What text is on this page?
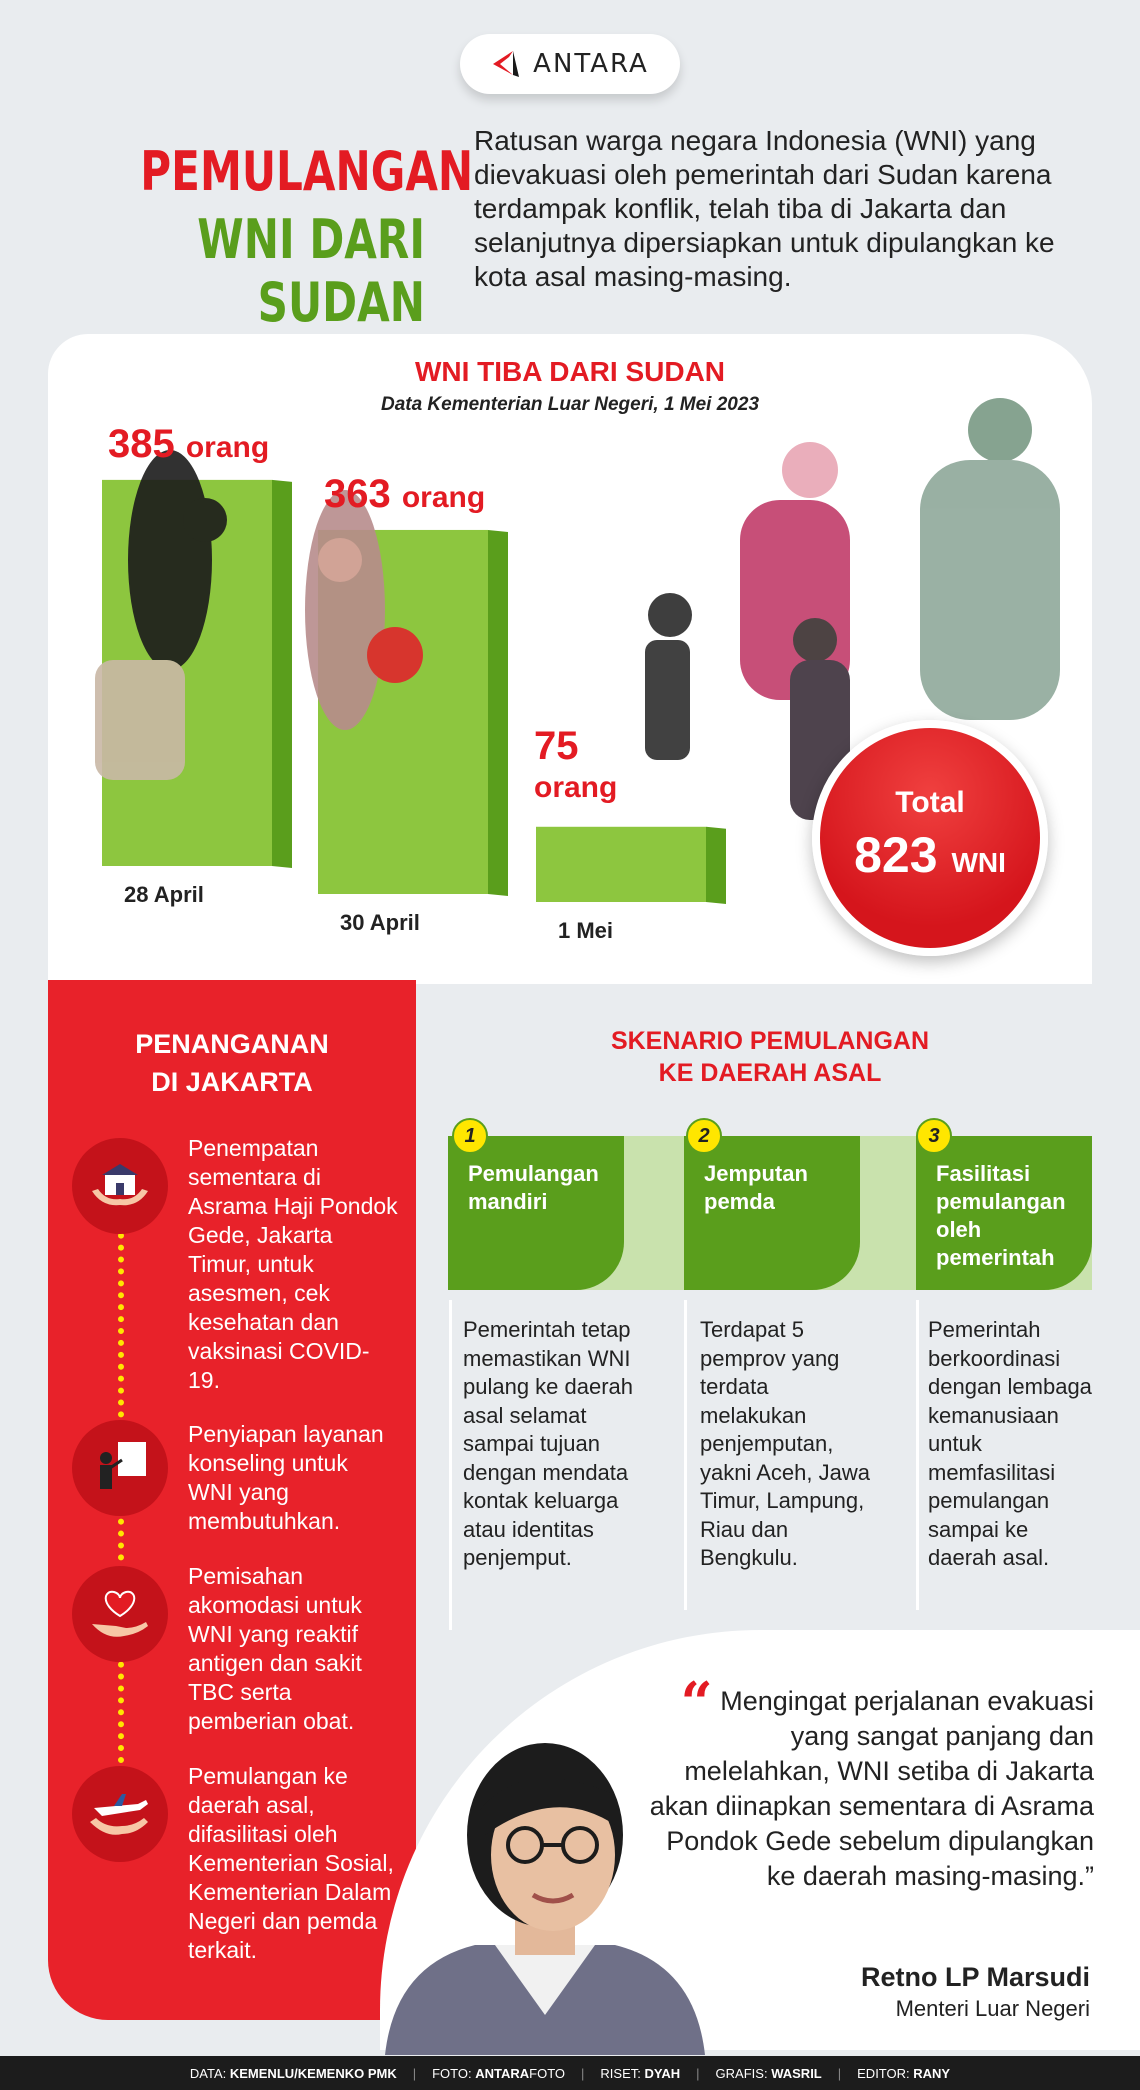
ANTARA
PEMULANGAN
WNI DARI SUDAN
Ratusan warga negara Indonesia (WNI) yang dievakuasi oleh pemerintah dari Sudan karena terdampak konflik, telah tiba di Jakarta dan selanjutnya dipersiapkan untuk dipulangkan ke kota asal masing-masing.
WNI TIBA DARI SUDAN
Data Kementerian Luar Negeri, 1 Mei 2023
Total
823 WNI
PENANGANAN
DI JAKARTA
Penempatan sementara di Asrama Haji Pondok Gede, Jakarta Timur, untuk asesmen, cek kesehatan dan vaksinasi COVID-19.
Penyiapan layanan konseling untuk WNI yang membutuhkan.
Pemisahan akomodasi untuk WNI yang reaktif antigen dan sakit TBC serta pemberian obat.
Pemulangan ke daerah asal, difasilitasi oleh Kementerian Sosial, Kementerian Dalam Negeri dan pemda terkait.
SKENARIO PEMULANGAN
KE DAERAH ASAL
Pemulangan mandiri
Jemputan pemda
Fasilitasi pemulangan oleh pemerintah
1	2	3
Pemerintah tetap memastikan WNI pulang ke daerah asal selamat sampai tujuan dengan mendata kontak keluarga atau identitas penjemput.
Terdapat 5 pemprov yang terdata melakukan penjemputan, yakni Aceh, Jawa Timur, Lampung, Riau dan Bengkulu.
Pemerintah berkoordinasi dengan lembaga kemanusiaan untuk memfasilitasi pemulangan sampai ke daerah asal.
“ Mengingat perjalanan evakuasi yang sangat panjang dan melelahkan, WNI setiba di Jakarta akan diinapkan sementara di Asrama Pondok Gede sebelum dipulangkan ke daerah masing-masing.”
Retno LP Marsudi
Menteri Luar Negeri
DATA: KEMENLU/KEMENKO PMK | FOTO: ANTARAFOTO | RISET: DYAH | GRAFIS: WASRIL | EDITOR: RANY
385 orang
28 April
363 orang
30 April
75
orang
1 Mei
